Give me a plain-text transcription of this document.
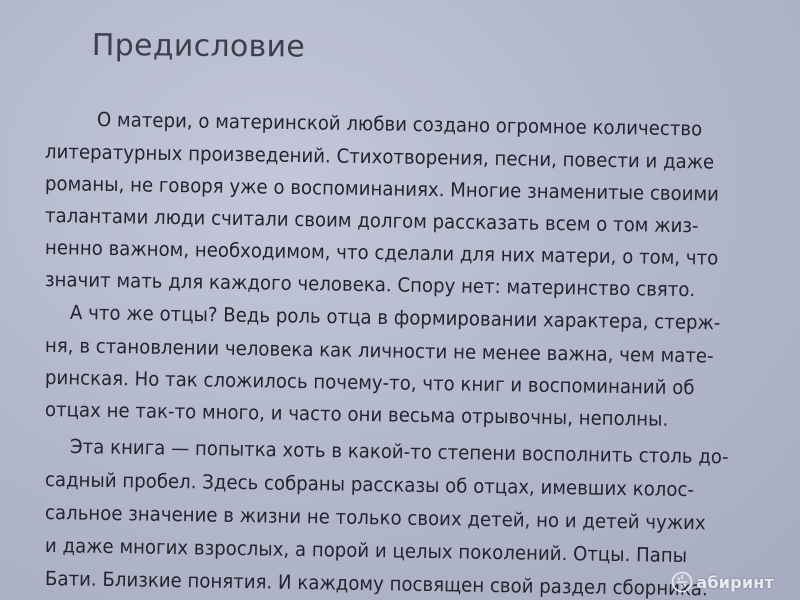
Предисловие
О матери, о материнской любви создано огромное количество
литературных произведений. Стихотворения, песни, повести и даже
романы, не говоря уже о воспоминаниях. Многие знаменитые своими
талантами люди считали своим долгом рассказать всем о том жиз-
ненно важном, необходимом, что сделали для них матери, о том, что
значит мать для каждого человека. Спору нет: материнство свято.
А что же отцы? Ведь роль отца в формировании характера, стерж-
ня, в становлении человека как личности не менее важна, чем мате-
ринская. Но так сложилось почему-то, что книг и воспоминаний об
отцах не так-то много, и часто они весьма отрывочны, неполны.
Эта книга — попытка хоть в какой-то степени восполнить столь до-
садный пробел. Здесь собраны рассказы об отцах, имевших колос-
сальное значение в жизни не только своих детей, но и детей чужих
и даже многих взрослых, а порой и целых поколений. Отцы. Папы
Бати. Близкие понятия. И каждому посвящен свой раздел сборника.
абиринт
